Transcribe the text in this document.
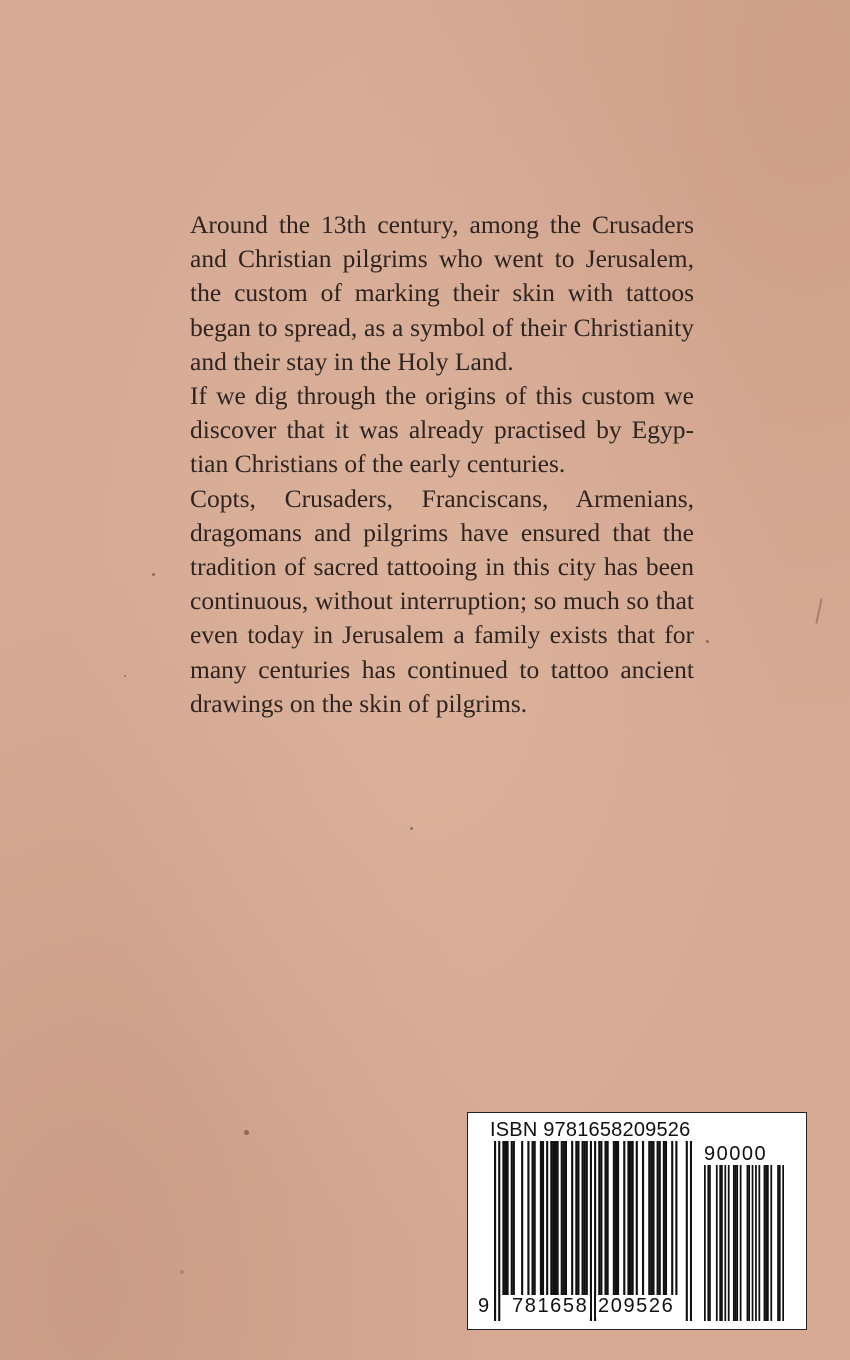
Around the 13th century, among the Crusaders and Christian pilgrims who went to Jerusalem, the custom of marking their skin with tattoos began to spread, as a symbol of their Christianity and their stay in the Holy Land.

If we dig through the origins of this custom we discover that it was already practised by Egyptian Christians of the early centuries.

Copts, Crusaders, Franciscans, Armenians, dragomans and pilgrims have ensured that the tradition of sacred tattooing in this city has been continuous, without interruption; so much so that even today in Jerusalem a family exists that for many centuries has continued to tattoo ancient drawings on the skin of pilgrims.

ISBN 9781658209526
90000
9 781658 209526
